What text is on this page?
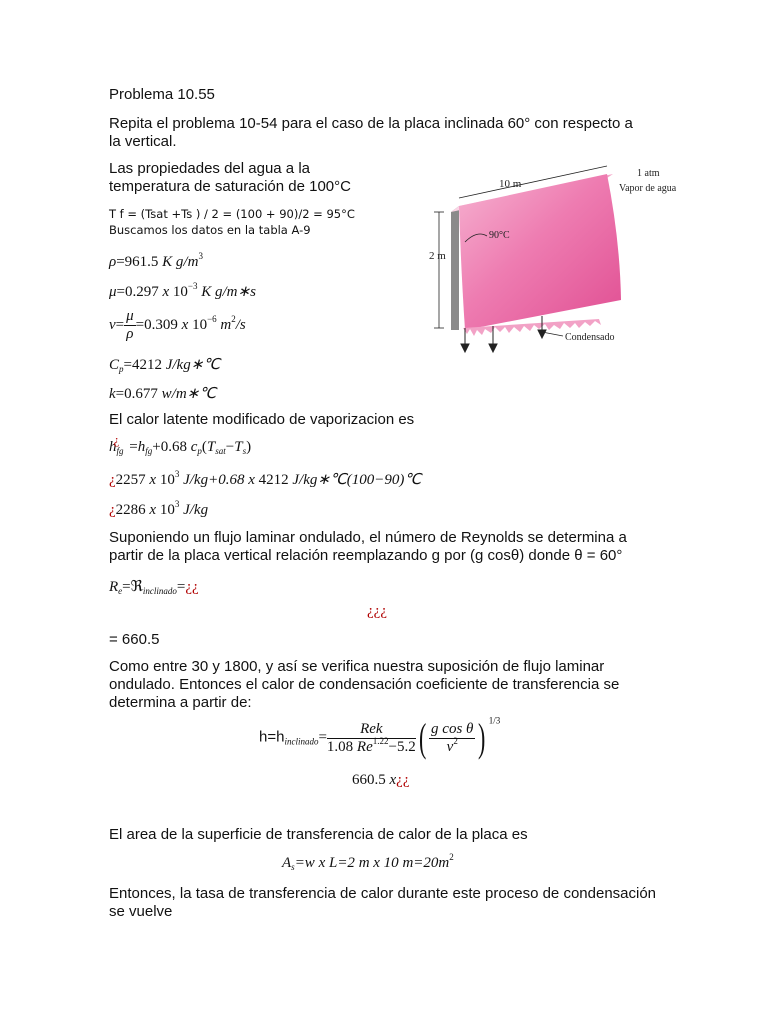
Problema 10.55
Repita el problema 10-54 para el caso de la placa inclinada 60° con respecto a
la vertical.
Las propiedades del agua a la
temperatura de saturación de 100°C
T f = (Tsat +Ts ) / 2 = (100 + 90)/2 = 95°C
Buscamos los datos en la tabla A-9
2 m
10 m
90°C
1 atm
Vapor de agua
Condensado
ρ=961.5 K $g/m^3$
μ=0.297 x $10^{-3}$ K g/m∗s
$v= \frac{\mu}{\rho} =0.309$ x $10^{-6}$ $m^2/s$
$C_p=4212$ J/kg∗℃
k=0.677 w/m∗℃
El calor latente modificado de vaporizacion es
$h_{fg}¿ =h_{fg}+0.68$ $c_p(T_{sat}-T_s)$
¿2257 x $10^3$ J/kg+0.68 x 4212 J/kg∗℃(100−90)℃
¿2286 x $10^3$ J/kg
Suponiendo un flujo laminar ondulado, el número de Reynolds se determina a
partir de la placa vertical relación reemplazando g por (g cosθ) donde θ = 60°
$R_e=ℜ_{inclinado}=¿¿$
¿¿¿
= 660.5
Como entre 30 y 1800, y así se verifica nuestra suposición de flujo laminar
ondulado. Entonces el calor de condensación coeficiente de transferencia se
determina a partir de:
$h=h_{inclinado}= \frac{\text{Rek}}{1.08 Re^{1.22}-5.2}$ ( $\frac{\text{g cos θ}}{v^2}$ ) $^{1/3}$
660.5 x¿¿
El area de la superficie de transferencia de calor de la placa es
$A_s=w$ x L=2 m x 10 $m=20m^2$
Entonces, la tasa de transferencia de calor durante este proceso de condensación
se vuelve
